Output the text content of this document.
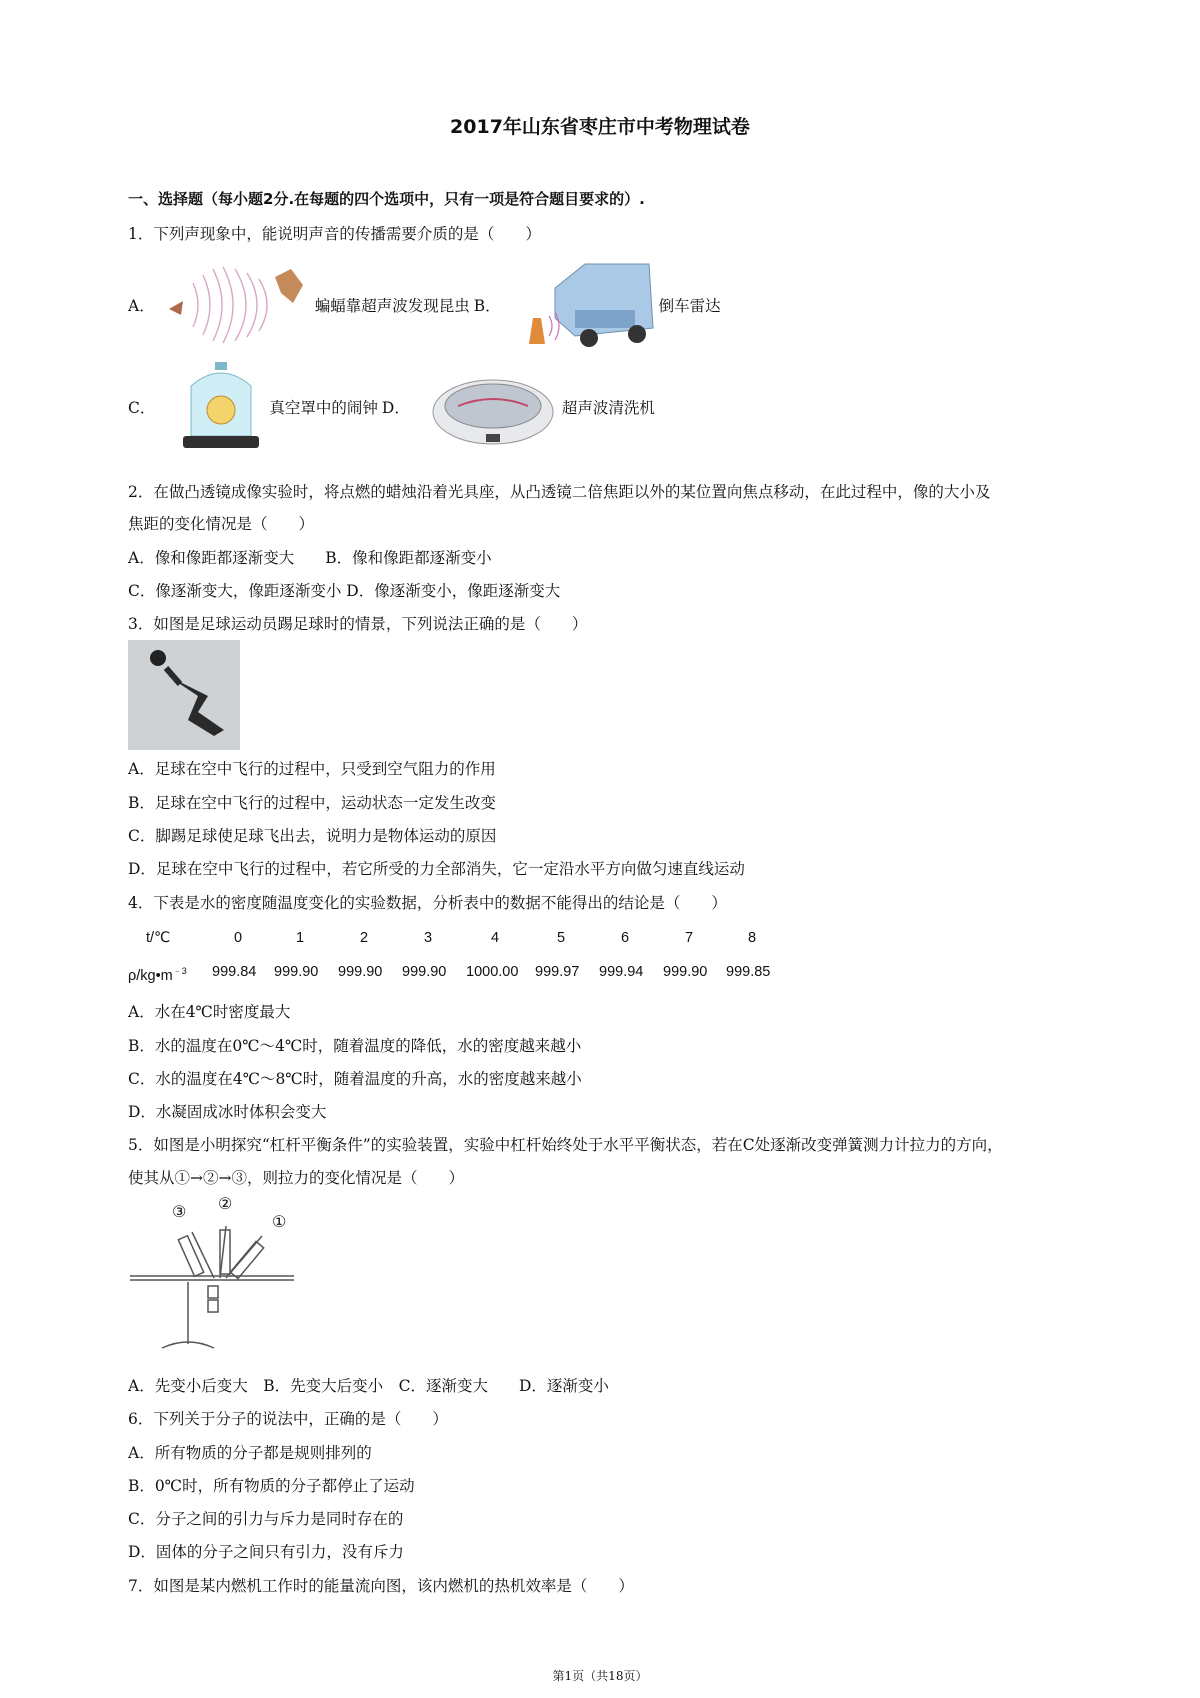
2017年山东省枣庄市中考物理试卷
一、选择题（每小题2分.在每题的四个选项中，只有一项是符合题目要求的）.
1．下列声现象中，能说明声音的传播需要介质的是（　　）
A．	蝙蝠靠超声波发现昆虫 B．	倒车雷达
C．	真空罩中的闹钟 D．	超声波清洗机
2．在做凸透镜成像实验时，将点燃的蜡烛沿着光具座，从凸透镜二倍焦距以外的某位置向焦点移动，在此过程中，像的大小及
焦距的变化情况是（　　）
A．像和像距都逐渐变大　　B．像和像距都逐渐变小
C．像逐渐变大，像距逐渐变小 D．像逐渐变小，像距逐渐变大
3．如图是足球运动员踢足球时的情景，下列说法正确的是（　　）
A．足球在空中飞行的过程中，只受到空气阻力的作用
B．足球在空中飞行的过程中，运动状态一定发生改变
C．脚踢足球使足球飞出去，说明力是物体运动的原因
D．足球在空中飞行的过程中，若它所受的力全部消失，它一定沿水平方向做匀速直线运动
4．下表是水的密度随温度变化的实验数据，分析表中的数据不能得出的结论是（　　）
t/℃	0	1	2	3	4	5	6	7	8
$\rho/kg•m^{﹣3}$ 999.84 999.90 999.90 999.90 1000.00 999.97 999.94 999.90 999.85
A．水在4℃时密度最大
B．水的温度在0℃～4℃时，随着温度的降低，水的密度越来越小
C．水的温度在4℃～8℃时，随着温度的升高，水的密度越来越小
D．水凝固成冰时体积会变大
5．如图是小明探究“杠杆平衡条件”的实验装置，实验中杠杆始终处于水平平衡状态，若在C处逐渐改变弹簧测力计拉力的方向，
使其从①→②→③，则拉力的变化情况是（　　）
③ ②
①
A．先变小后变大　B．先变大后变小　C．逐渐变大　　D．逐渐变小
6．下列关于分子的说法中，正确的是（　　）
A．所有物质的分子都是规则排列的
B．0℃时，所有物质的分子都停止了运动
C．分子之间的引力与斥力是同时存在的
D．固体的分子之间只有引力，没有斥力
7．如图是某内燃机工作时的能量流向图，该内燃机的热机效率是（　　）
第1页（共18页）
